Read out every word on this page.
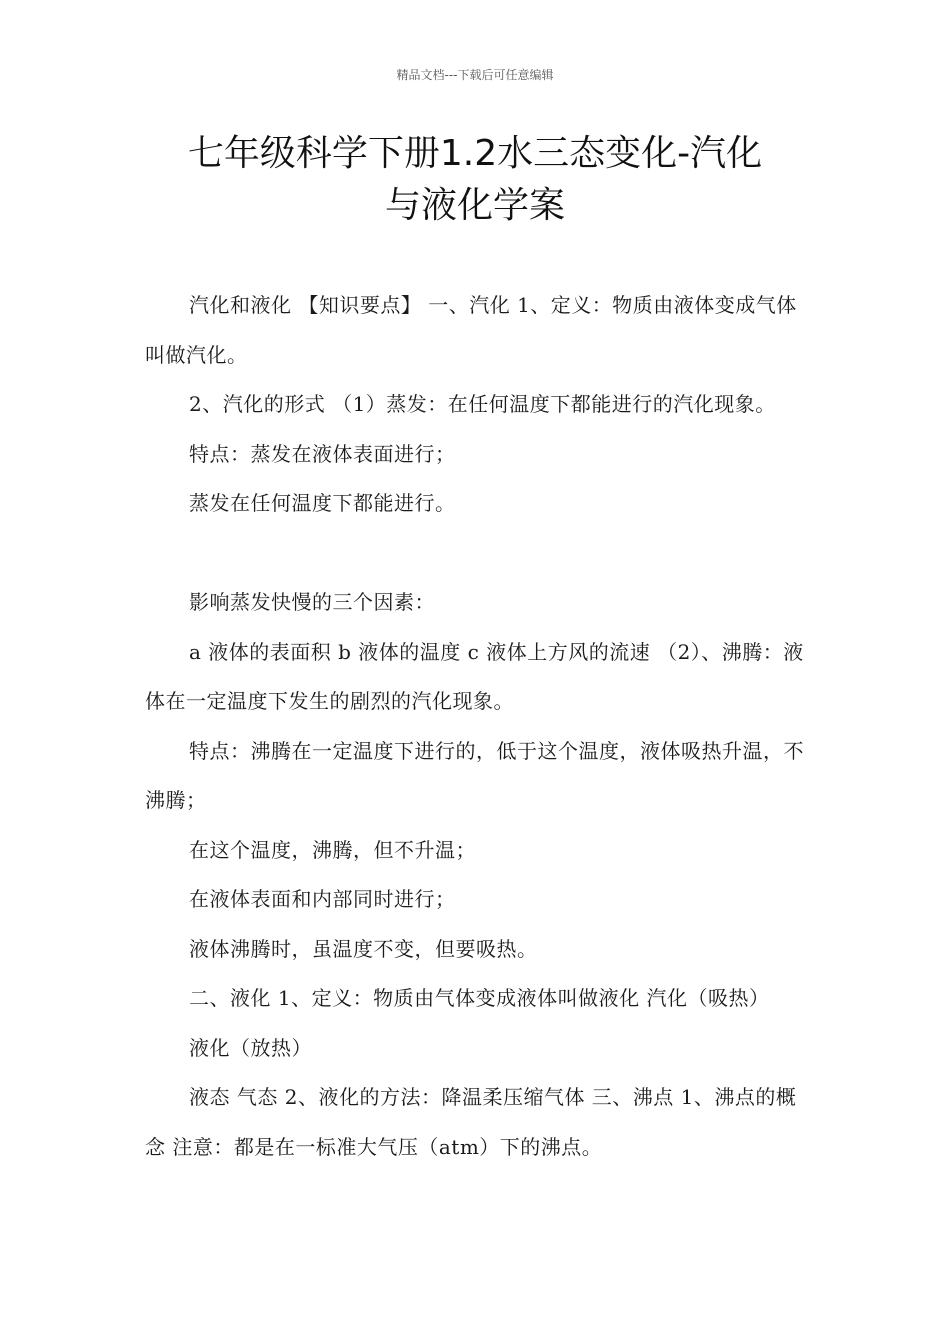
精品文档---下载后可任意编辑
七年级科学下册1.2水三态变化-汽化
与液化学案

汽化和液化 【知识要点】 一、汽化 1、定义：物质由液体变成气体叫做汽化。

2、汽化的形式 （1）蒸发：在任何温度下都能进行的汽化现象。

特点：蒸发在液体表面进行；

蒸发在任何温度下都能进行。

影响蒸发快慢的三个因素：

a 液体的表面积 b 液体的温度 c 液体上方风的流速 （2）、沸腾：液体在一定温度下发生的剧烈的汽化现象。

特点：沸腾在一定温度下进行的，低于这个温度，液体吸热升温，不沸腾；

在这个温度，沸腾，但不升温；

在液体表面和内部同时进行；

液体沸腾时，虽温度不变，但要吸热。

二、液化 1、定义：物质由气体变成液体叫做液化 汽化（吸热）

液化（放热）

液态 气态 2、液化的方法：降温柔压缩气体 三、沸点 1、沸点的概念 注意：都是在一标准大气压（atm）下的沸点。
